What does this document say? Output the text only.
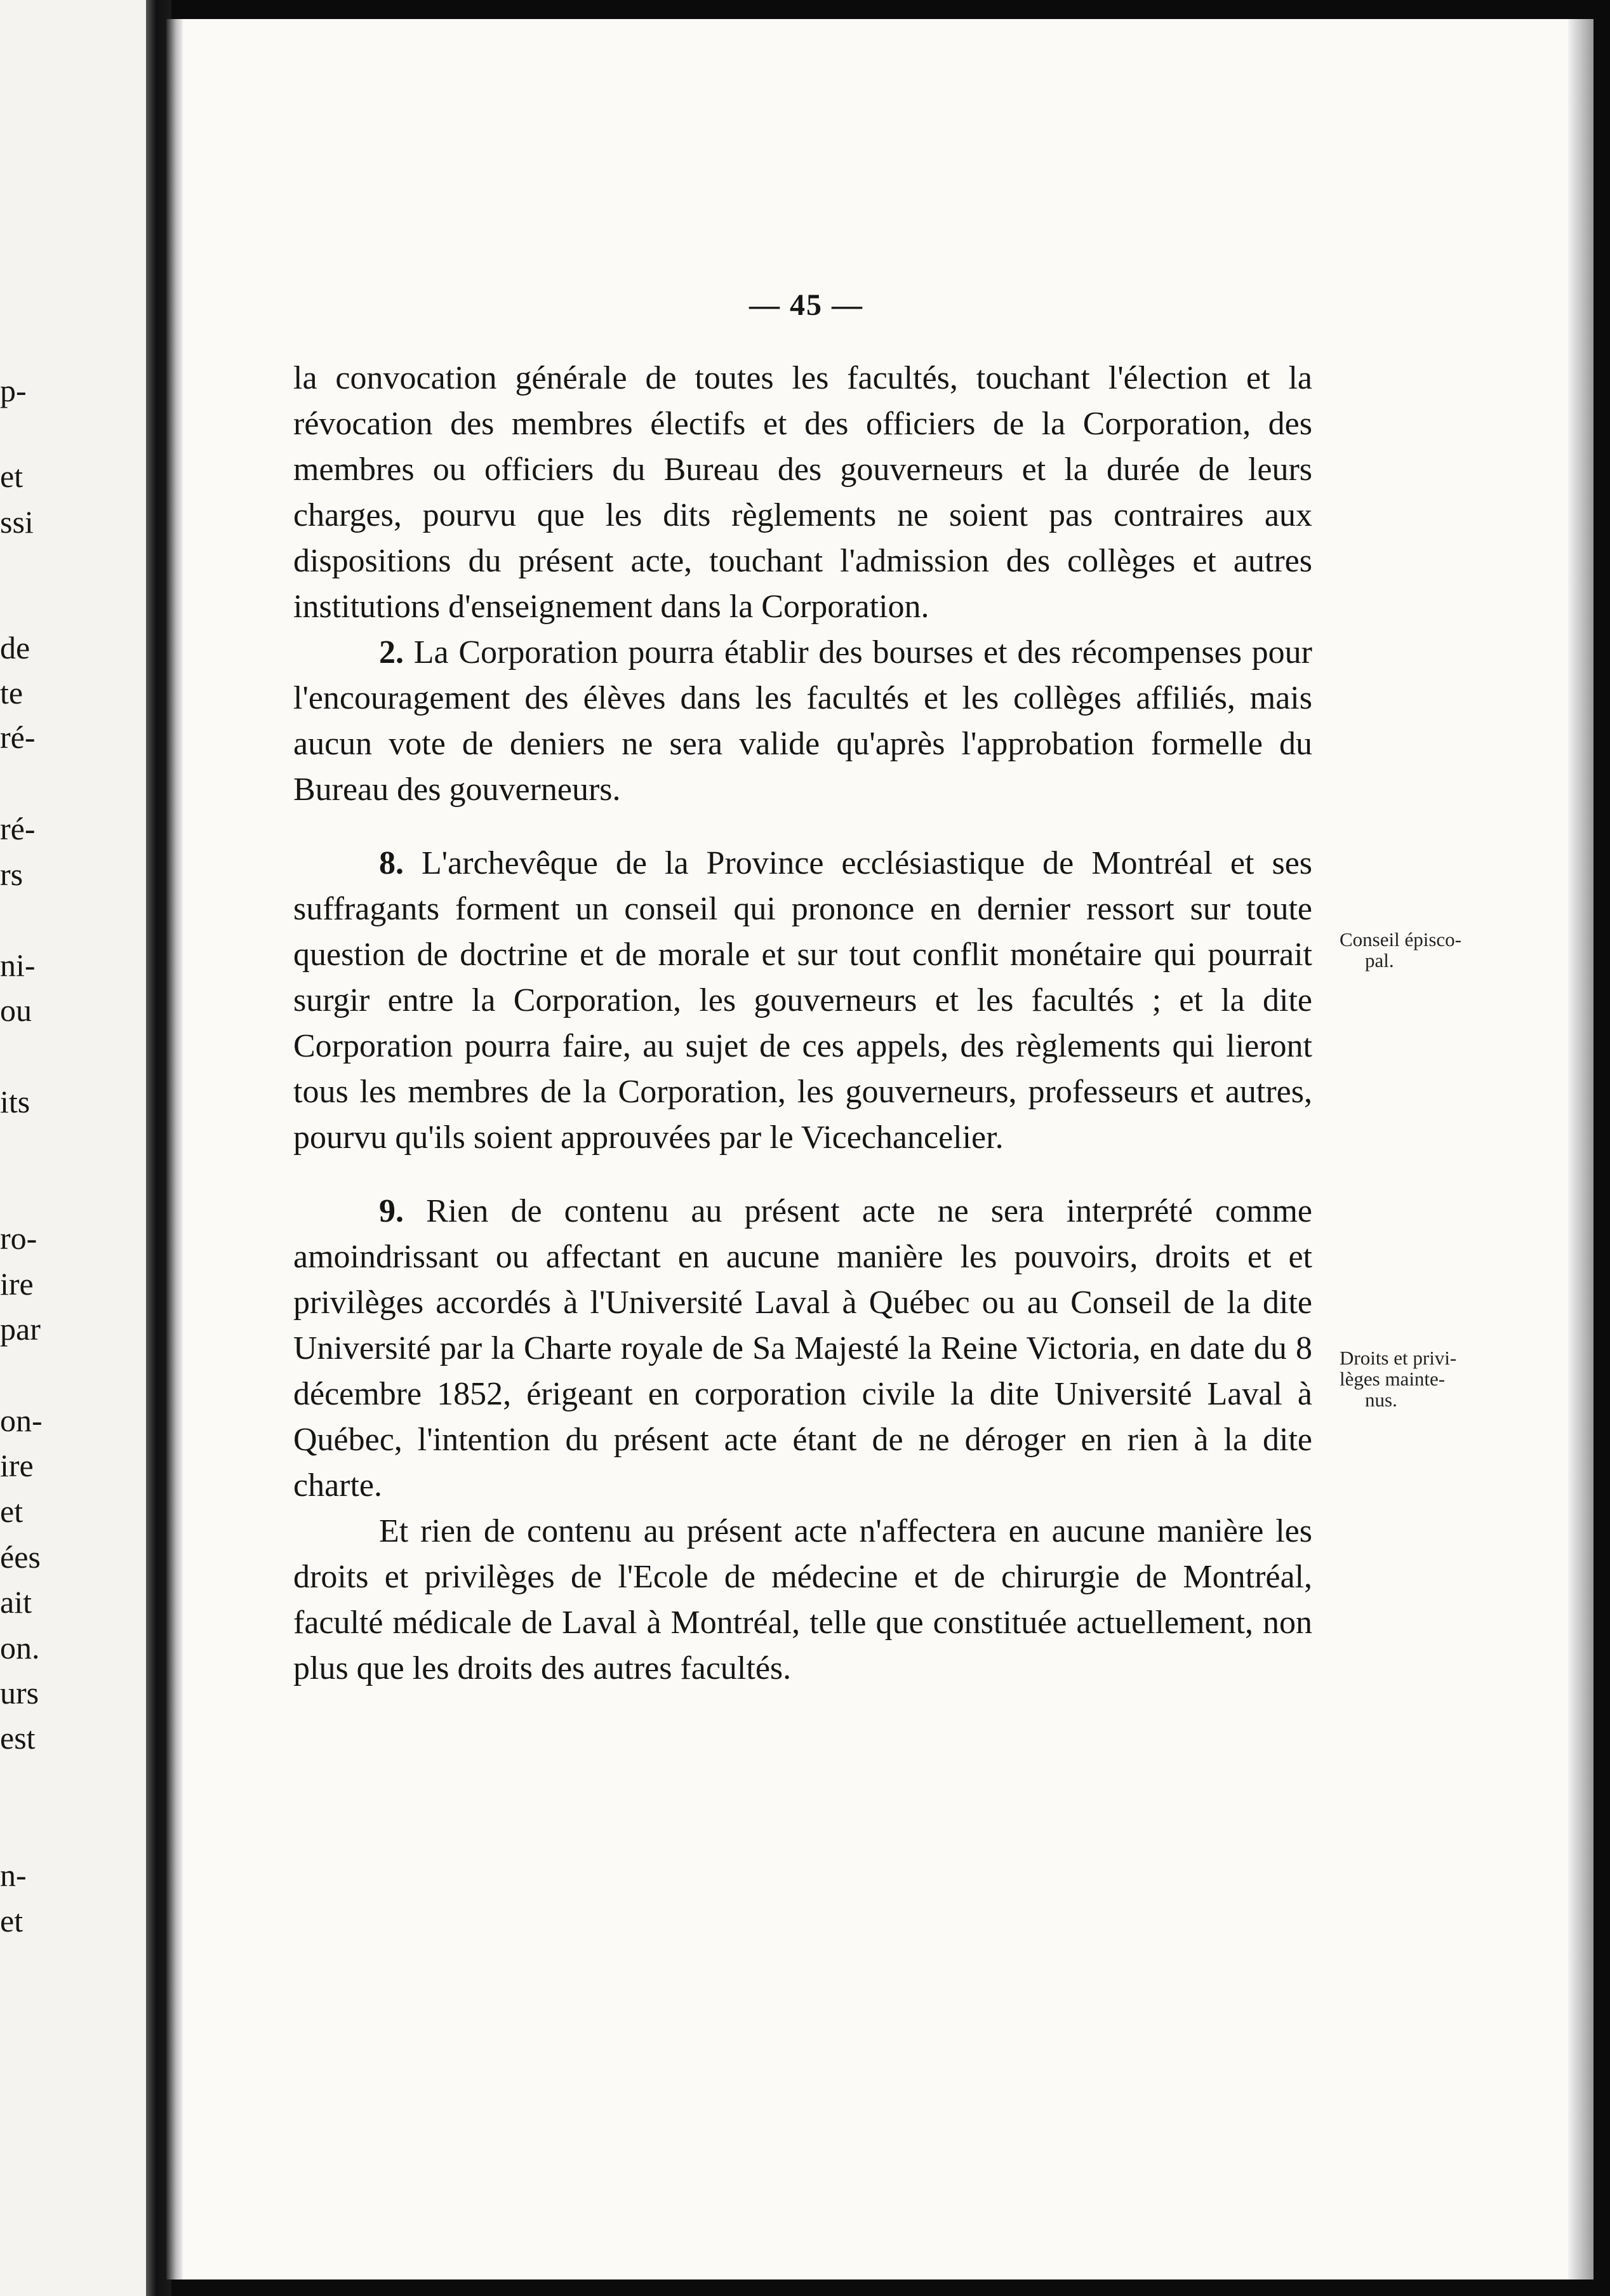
p-
et
ssi
de
te
ré-
ré-
rs
ni-
ou
its
ro-
ire
par
on-
ire
et
ées
ait
on.
urs
est
n-
et
— 45 —

la convocation générale de toutes les facultés, touchant l'élection et la révocation des membres électifs et des officiers de la Corporation, des membres ou officiers du Bureau des gouverneurs et la durée de leurs charges, pourvu que les dits règlements ne soient pas contraires aux dispositions du présent acte, touchant l'admission des collèges et autres institutions d'enseignement dans la Corporation.

2. La Corporation pourra établir des bourses et des récompenses pour l'encouragement des élèves dans les facultés et les collèges affiliés, mais aucun vote de deniers ne sera valide qu'après l'approbation formelle du Bureau des gouverneurs.

8. L'archevêque de la Province ecclésiastique de Montréal et ses suffragants forment un conseil qui prononce en dernier ressort sur toute question de doctrine et de morale et sur tout conflit monétaire qui pourrait surgir entre la Corporation, les gouverneurs et les facultés ; et la dite Corporation pourra faire, au sujet de ces appels, des règlements qui lieront tous les membres de la Corporation, les gouverneurs, professeurs et autres, pourvu qu'ils soient approuvées par le Vicechancelier.

9. Rien de contenu au présent acte ne sera interprété comme amoindrissant ou affectant en aucune manière les pouvoirs, droits et et privilèges accordés à l'Université Laval à Québec ou au Conseil de la dite Université par la Charte royale de Sa Majesté la Reine Victoria, en date du 8 décembre 1852, érigeant en corporation civile la dite Université Laval à Québec, l'intention du présent acte étant de ne déroger en rien à la dite charte.

Et rien de contenu au présent acte n'affectera en aucune manière les droits et privilèges de l'Ecole de médecine et de chirurgie de Montréal, faculté médicale de Laval à Montréal, telle que constituée actuellement, non plus que les droits des autres facultés.

Conseil épisco-
pal.
Droits et privi-
lèges mainte-
nus.
